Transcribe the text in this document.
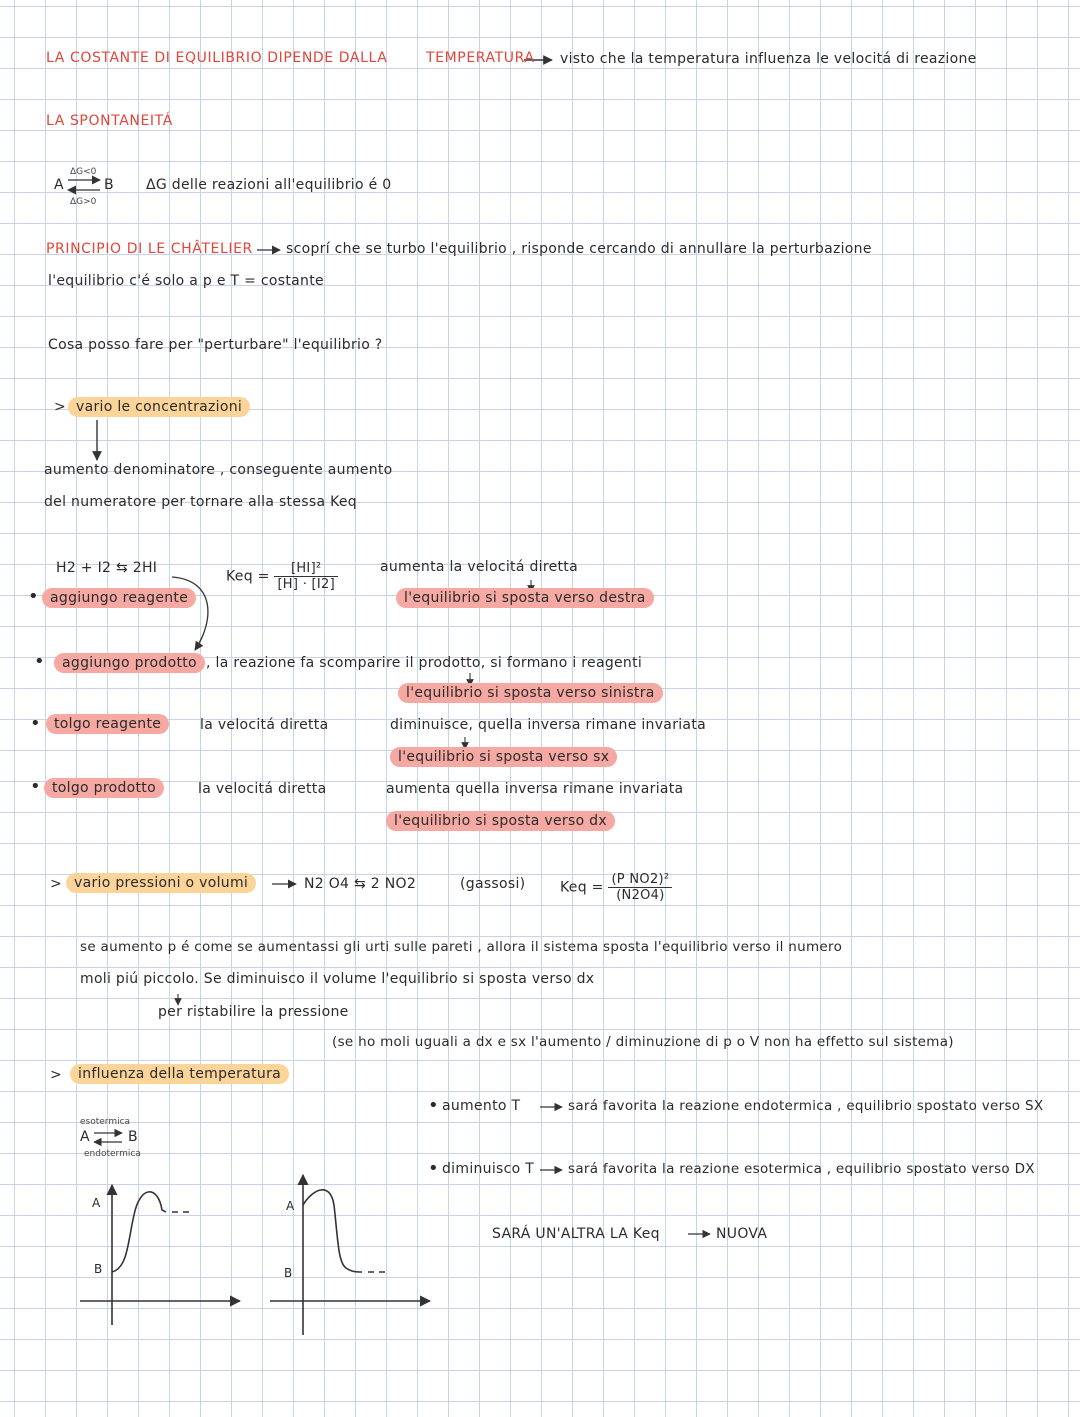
LA COSTANTE DI EQUILIBRIO DIPENDE DALLA	TEMPERATURA visto che la temperatura influenza le velocitá di reazione
LA SPONTANEITÁ
ΔG<0
ΔG>0
A	B ΔG delle reazioni all'equilibrio é 0
PRINCIPIO DI LE CHÂTELIER scoprí che se turbo l'equilibrio , risponde cercando di annullare la perturbazione
l'equilibrio c'é solo a p e T = costante
Cosa posso fare per "perturbare" l'equilibrio ?
> vario le concentrazioni
aumento denominatore , conseguente aumento
del numeratore per tornare alla stessa Keq
H2 + I2 ⇆ 2HI
Keq = $\frac{\text{[HI]²}}{[H] \cdot [I2]}$	aumenta la velocitá diretta
• aggiungo reagente	l'equilibrio si sposta verso destra
•	aggiungo prodotto , la reazione fa scomparire il prodotto, si formano i reagenti
l'equilibrio si sposta verso sinistra
• tolgo reagente	la velocitá diretta	diminuisce, quella inversa rimane invariata
l'equilibrio si sposta verso sx
• tolgo prodotto	la velocitá diretta	aumenta quella inversa rimane invariata
l'equilibrio si sposta verso dx
> vario pressioni o volumi	N2 O4 ⇆ 2 NO2	(gassosi) Keq = $\frac{\text{(P NO2)²}}{(N2O4)}$
se aumento p é come se aumentassi gli urti sulle pareti , allora il sistema sposta l'equilibrio verso il numero
moli piú piccolo. Se diminuisco il volume l'equilibrio si sposta verso dx
per ristabilire la pressione
(se ho moli uguali a dx e sx l'aumento / diminuzione di p o V non ha effetto sul sistema)
>	influenza della temperatura
esotermica
A	B
endotermica
• aumento T	sará favorita la reazione endotermica , equilibrio spostato verso SX
• diminuisco T	sará favorita la reazione esotermica , equilibrio spostato verso DX
SARÁ UN'ALTRA LA Keq	NUOVA
A
B
A
B
